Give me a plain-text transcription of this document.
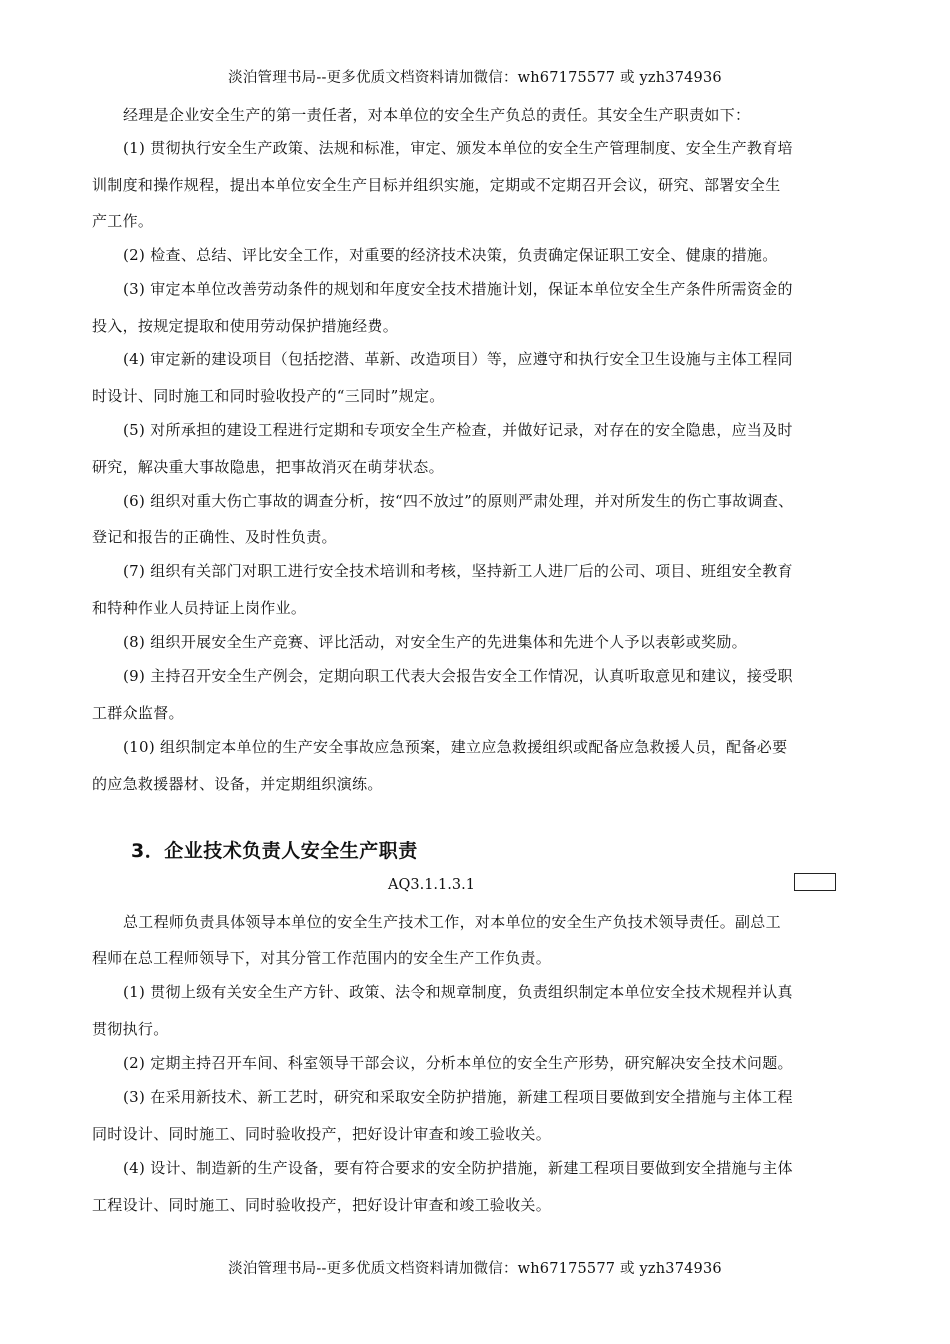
淡泊管理书局--更多优质文档资料请加微信：wh67175577 或 yzh374936
经理是企业安全生产的第一责任者，对本单位的安全生产负总的责任。其安全生产职责如下：
(1) 贯彻执行安全生产政策、法规和标准，审定、颁发本单位的安全生产管理制度、安全生产教育培
训制度和操作规程，提出本单位安全生产目标并组织实施，定期或不定期召开会议，研究、部署安全生
产工作。
(2) 检查、总结、评比安全工作，对重要的经济技术决策，负责确定保证职工安全、健康的措施。
(3) 审定本单位改善劳动条件的规划和年度安全技术措施计划，保证本单位安全生产条件所需资金的
投入，按规定提取和使用劳动保护措施经费。
(4) 审定新的建设项目（包括挖潜、革新、改造项目）等，应遵守和执行安全卫生设施与主体工程同
时设计、同时施工和同时验收投产的“三同时”规定。
(5) 对所承担的建设工程进行定期和专项安全生产检查，并做好记录，对存在的安全隐患，应当及时
研究，解决重大事故隐患，把事故消灭在萌芽状态。
(6) 组织对重大伤亡事故的调查分析，按“四不放过”的原则严肃处理，并对所发生的伤亡事故调查、
登记和报告的正确性、及时性负责。
(7) 组织有关部门对职工进行安全技术培训和考核，坚持新工人进厂后的公司、项目、班组安全教育
和特种作业人员持证上岗作业。
(8) 组织开展安全生产竞赛、评比活动，对安全生产的先进集体和先进个人予以表彰或奖励。
(9) 主持召开安全生产例会，定期向职工代表大会报告安全工作情况，认真听取意见和建议，接受职
工群众监督。
(10) 组织制定本单位的生产安全事故应急预案，建立应急救援组织或配备应急救援人员，配备必要
的应急救援器材、设备，并定期组织演练。
3．企业技术负责人安全生产职责
AQ3.1.1.3.1
总工程师负责具体领导本单位的安全生产技术工作，对本单位的安全生产负技术领导责任。副总工
程师在总工程师领导下，对其分管工作范围内的安全生产工作负责。
(1) 贯彻上级有关安全生产方针、政策、法令和规章制度，负责组织制定本单位安全技术规程并认真
贯彻执行。
(2) 定期主持召开车间、科室领导干部会议，分析本单位的安全生产形势，研究解决安全技术问题。
(3) 在采用新技术、新工艺时，研究和采取安全防护措施，新建工程项目要做到安全措施与主体工程
同时设计、同时施工、同时验收投产，把好设计审查和竣工验收关。
(4) 设计、制造新的生产设备，要有符合要求的安全防护措施，新建工程项目要做到安全措施与主体
工程设计、同时施工、同时验收投产，把好设计审查和竣工验收关。
淡泊管理书局--更多优质文档资料请加微信：wh67175577 或 yzh374936
